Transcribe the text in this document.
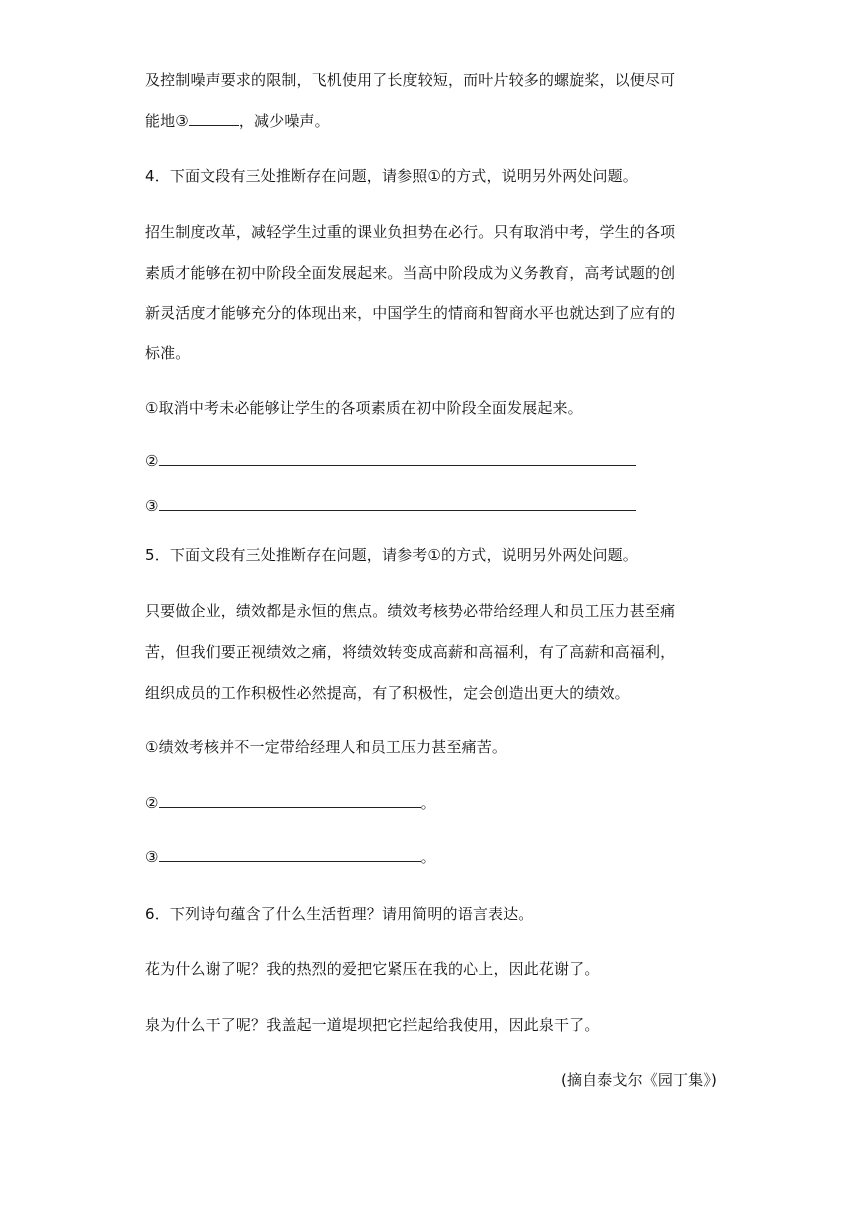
及控制噪声要求的限制，飞机使用了长度较短，而叶片较多的螺旋桨，以便尽可
能地③	，减少噪声。
4．下面文段有三处推断存在问题，请参照①的方式，说明另外两处问题。
招生制度改革，减轻学生过重的课业负担势在必行。只有取消中考，学生的各项
素质才能够在初中阶段全面发展起来。当高中阶段成为义务教育，高考试题的创
新灵活度才能够充分的体现出来，中国学生的情商和智商水平也就达到了应有的
标准。
①取消中考未必能够让学生的各项素质在初中阶段全面发展起来。
②
③
5．下面文段有三处推断存在问题，请参考①的方式，说明另外两处问题。
只要做企业，绩效都是永恒的焦点。绩效考核势必带给经理人和员工压力甚至痛
苦，但我们要正视绩效之痛，将绩效转变成高薪和高福利，有了高薪和高福利，
组织成员的工作积极性必然提高，有了积极性，定会创造出更大的绩效。
①绩效考核并不一定带给经理人和员工压力甚至痛苦。
②	。
③	。
6．下列诗句蕴含了什么生活哲理？请用简明的语言表达。
花为什么谢了呢？我的热烈的爱把它紧压在我的心上，因此花谢了。
泉为什么干了呢？我盖起一道堤坝把它拦起给我使用，因此泉干了。
(摘自泰戈尔《园丁集》)
